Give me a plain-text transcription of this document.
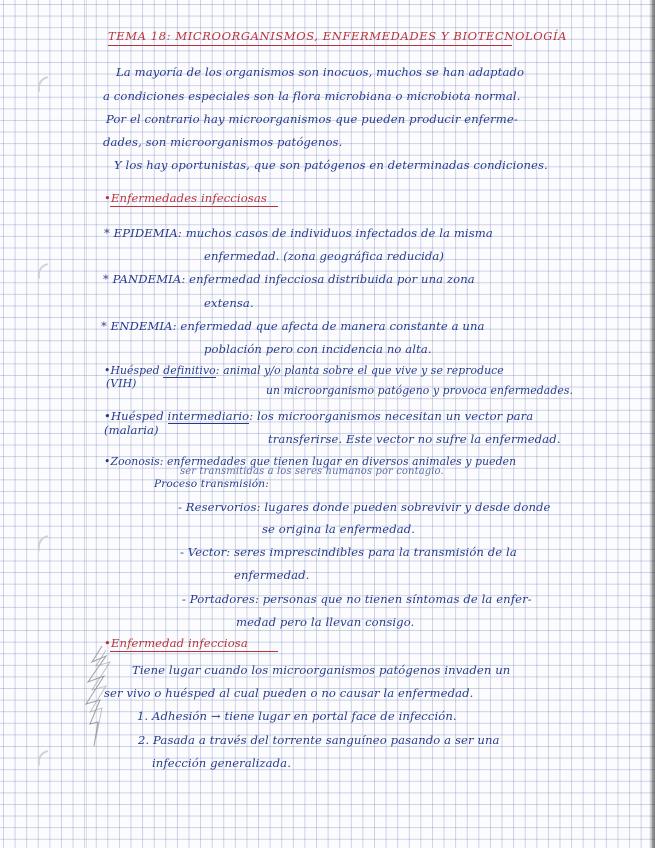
TEMA 18: MICROORGANISMOS, ENFERMEDADES Y BIOTECNOLOGÍA
La mayoría de los organismos son inocuos, muchos se han adaptado
a condiciones especiales son la flora microbiana o microbiota normal.
Por el contrario hay microorganismos que pueden producir enferme-
dades, son microorganismos patógenos.
Y los hay oportunistas, que son patógenos en determinadas condiciones.
•Enfermedades infecciosas
* EPIDEMIA: muchos casos de individuos infectados de la misma
enfermedad. (zona geográfica reducida)
* PANDEMIA: enfermedad infecciosa distribuida por una zona
extensa.
* ENDEMIA: enfermedad que afecta de manera constante a una
población pero con incidencia no alta.
•Huésped definitivo: animal y/o planta sobre el que vive y se reproduce
(VIH)
un microorganismo patógeno y provoca enfermedades.
•Huésped intermediario: los microorganismos necesitan un vector para
(malaria)
transferirse. Este vector no sufre la enfermedad.
•Zoonosis: enfermedades que tienen lugar en diversos animales y pueden
ser transmitidas a los seres humanos por contagio.
Proceso transmisión:
- Reservorios: lugares donde pueden sobrevivir y desde donde
se origina la enfermedad.
- Vector: seres imprescindibles para la transmisión de la
enfermedad.
- Portadores: personas que no tienen síntomas de la enfer-
medad pero la llevan consigo.
•Enfermedad infecciosa
Tiene lugar cuando los microorganismos patógenos invaden un
ser vivo o huésped al cual pueden o no causar la enfermedad.
1. Adhesión → tiene lugar en portal face de infección.
2. Pasada a través del torrente sanguíneo pasando a ser una
infección generalizada.
